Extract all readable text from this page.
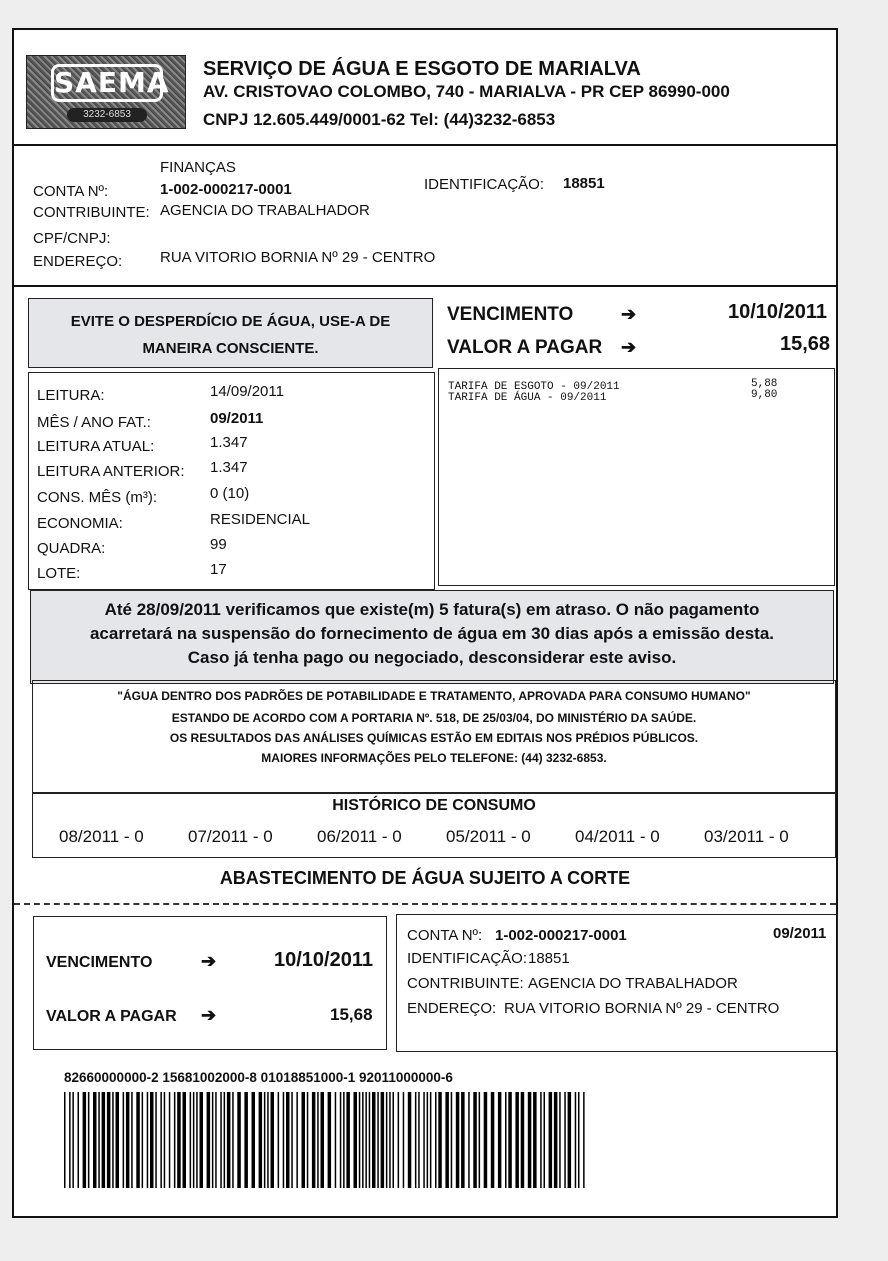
SAEMA
3232-6853
SERVIÇO DE ÁGUA E ESGOTO DE MARIALVA
AV. CRISTOVAO COLOMBO, 740 - MARIALVA - PR CEP 86990-000
CNPJ 12.605.449/0001-62 Tel: (44)3232-6853
FINANÇAS
CONTA Nº:	1-002-000217-0001	IDENTIFICAÇÃO: 18851
CONTRIBUINTE: AGENCIA DO TRABALHADOR
CPF/CNPJ:
ENDEREÇO:	RUA VITORIO BORNIA Nº 29 - CENTRO
EVITE O DESPERDÍCIO DE ÁGUA, USE-A DE
MANEIRA CONSCIENTE.
VENCIMENTO	➔	10/10/2011
VALOR A PAGAR ➔	15,68
LEITURA:	14/09/2011
MÊS / ANO FAT.:	09/2011
LEITURA ATUAL:	1.347
LEITURA ANTERIOR: 1.347
CONS. MÊS (m³):	0 (10)
ECONOMIA:	RESIDENCIAL
QUADRA:	99
LOTE:	17
TARIFA DE ESGOTO - 09/2011	5,88
TARIFA DE ÁGUA - 09/2011	9,80
Até 28/09/2011 verificamos que existe(m) 5 fatura(s) em atraso. O não pagamento
acarretará na suspensão do fornecimento de água em 30 dias após a emissão desta.
Caso já tenha pago ou negociado, desconsiderar este aviso.
"ÁGUA DENTRO DOS PADRÕES DE POTABILIDADE E TRATAMENTO, APROVADA PARA CONSUMO HUMANO"
ESTANDO DE ACORDO COM A PORTARIA Nº. 518, DE 25/03/04, DO MINISTÉRIO DA SAÚDE.
OS RESULTADOS DAS ANÁLISES QUÍMICAS ESTÃO EM EDITAIS NOS PRÉDIOS PÚBLICOS.
MAIORES INFORMAÇÕES PELO TELEFONE: (44) 3232-6853.
HISTÓRICO DE CONSUMO
08/2011 - 0	07/2011 - 0	06/2011 - 0	05/2011 - 0	04/2011 - 0	03/2011 - 0
ABASTECIMENTO DE ÁGUA SUJEITO A CORTE
VENCIMENTO	➔	10/10/2011
VALOR A PAGAR ➔	15,68
CONTA Nº: 1-002-000217-0001	09/2011
IDENTIFICAÇÃO: 18851
CONTRIBUINTE: AGENCIA DO TRABALHADOR
ENDEREÇO: RUA VITORIO BORNIA Nº 29 - CENTRO
82660000000-2 15681002000-8 01018851000-1 92011000000-6
